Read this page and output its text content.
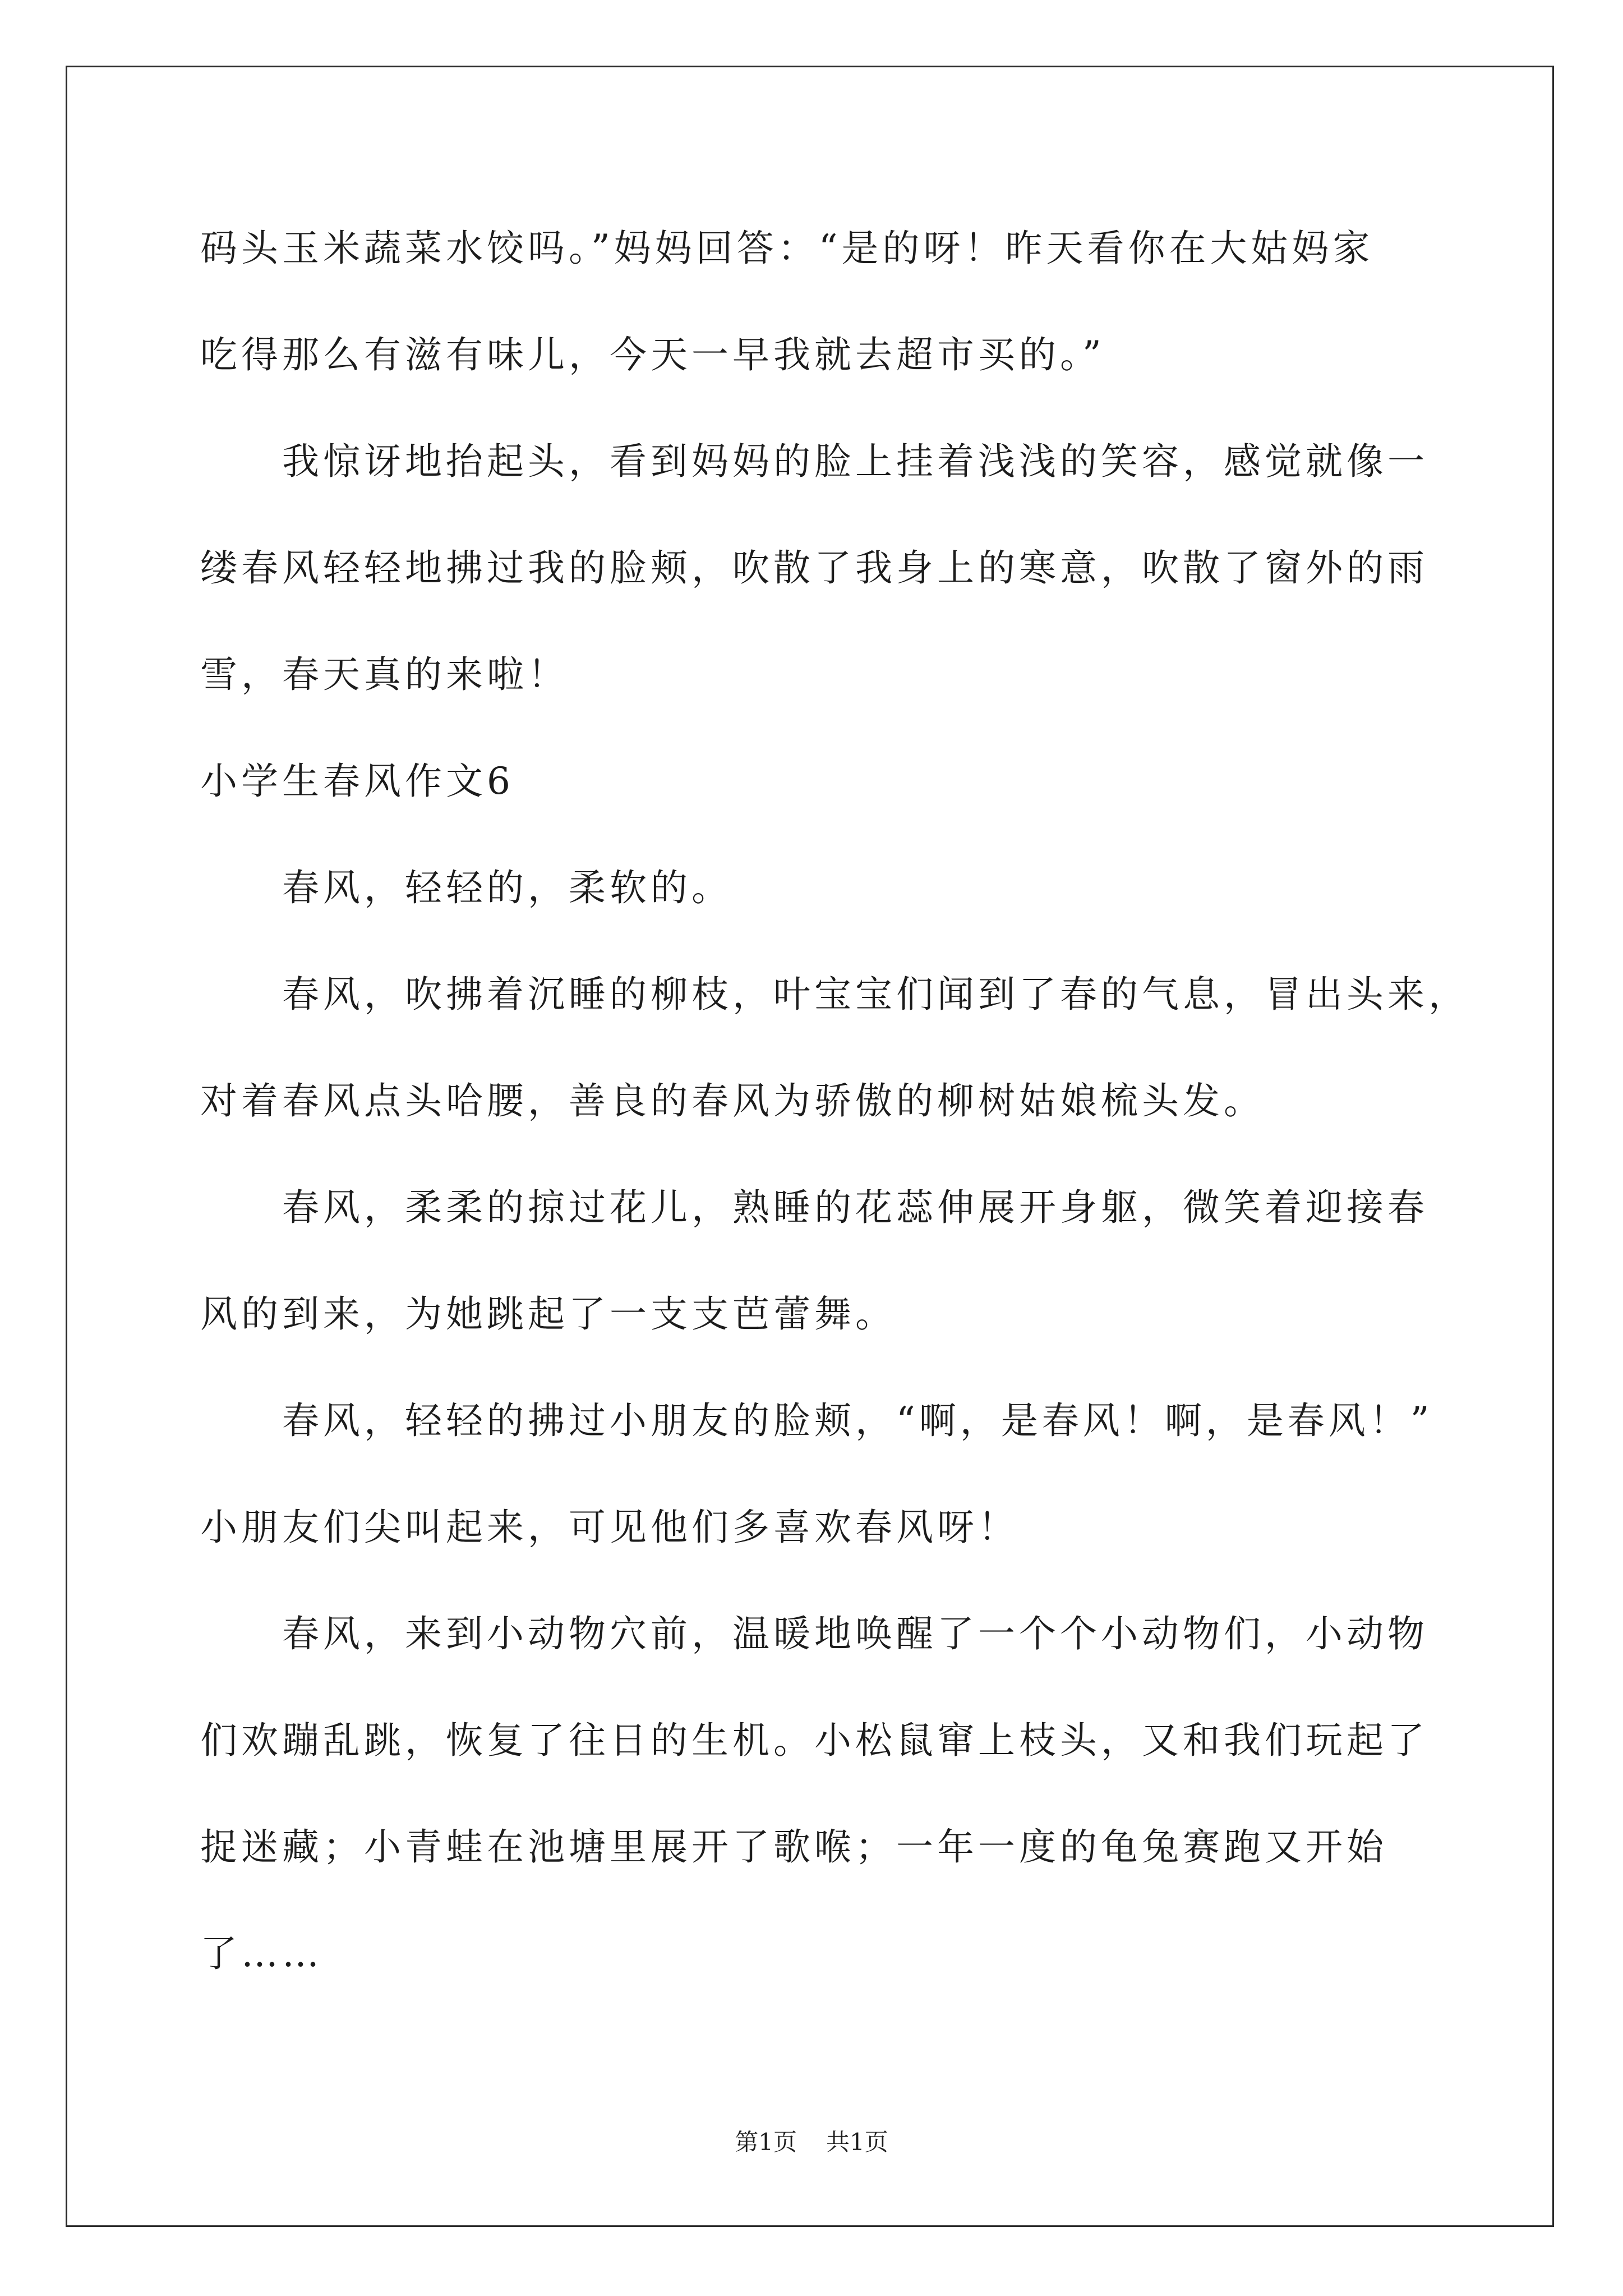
码头玉米蔬菜水饺吗。”妈妈回答：“是的呀！昨天看你在大姑妈家
吃得那么有滋有味儿，今天一早我就去超市买的。”
我惊讶地抬起头，看到妈妈的脸上挂着浅浅的笑容，感觉就像一
缕春风轻轻地拂过我的脸颊，吹散了我身上的寒意，吹散了窗外的雨
雪，春天真的来啦！
小学生春风作文6
春风，轻轻的，柔软的。
春风，吹拂着沉睡的柳枝，叶宝宝们闻到了春的气息，冒出头来，
对着春风点头哈腰，善良的春风为骄傲的柳树姑娘梳头发。
春风，柔柔的掠过花儿，熟睡的花蕊伸展开身躯，微笑着迎接春
风的到来，为她跳起了一支支芭蕾舞。
春风，轻轻的拂过小朋友的脸颊，“啊，是春风！啊，是春风！”
小朋友们尖叫起来，可见他们多喜欢春风呀！
春风，来到小动物穴前，温暖地唤醒了一个个小动物们，小动物
们欢蹦乱跳，恢复了往日的生机。小松鼠窜上枝头，又和我们玩起了
捉迷藏；小青蛙在池塘里展开了歌喉；一年一度的龟兔赛跑又开始
了……
第1页 共1页
